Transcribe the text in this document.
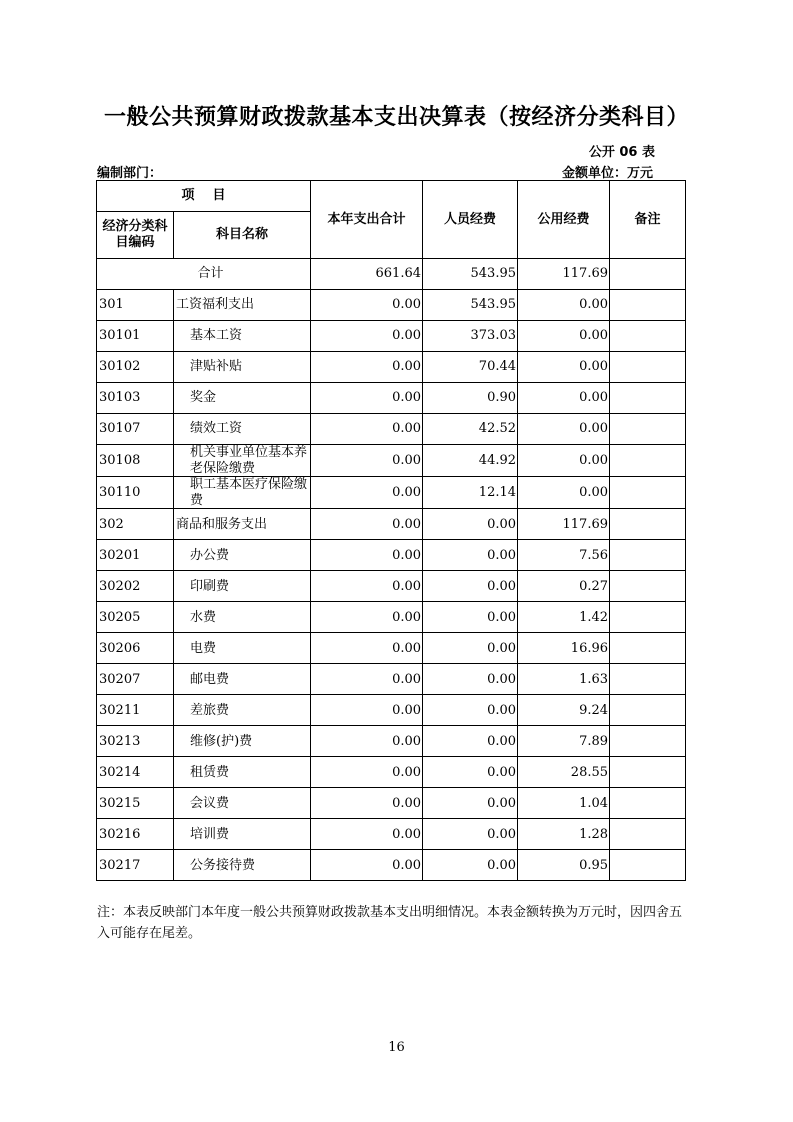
一般公共预算财政拨款基本支出决算表（按经济分类科目）
公开 06 表
编制部门：	金额单位：万元
项    目		本年支出合计	人员经费	公用经费	备注
经济分类科目编码	科目名称				
合计		661.64	543.95	117.69	
301	工资福利支出	0.00	543.95	0.00	
30101	基本工资	0.00	373.03	0.00	
30102	津贴补贴	0.00	70.44	0.00	
30103	奖金	0.00	0.90	0.00	
30107	绩效工资	0.00	42.52	0.00	
30108	机关事业单位基本养老保险缴费	0.00	44.92	0.00	
30110	职工基本医疗保险缴费	0.00	12.14	0.00	
302	商品和服务支出	0.00	0.00	117.69	
30201	办公费	0.00	0.00	7.56	
30202	印刷费	0.00	0.00	0.27	
30205	水费	0.00	0.00	1.42	
30206	电费	0.00	0.00	16.96	
30207	邮电费	0.00	0.00	1.63	
30211	差旅费	0.00	0.00	9.24	
30213	维修(护)费	0.00	0.00	7.89	
30214	租赁费	0.00	0.00	28.55	
30215	会议费	0.00	0.00	1.04	
30216	培训费	0.00	0.00	1.28	
30217	公务接待费	0.00	0.00	0.95	
注：本表反映部门本年度一般公共预算财政拨款基本支出明细情况。本表金额转换为万元时，因四舍五入可能存在尾差。
16
